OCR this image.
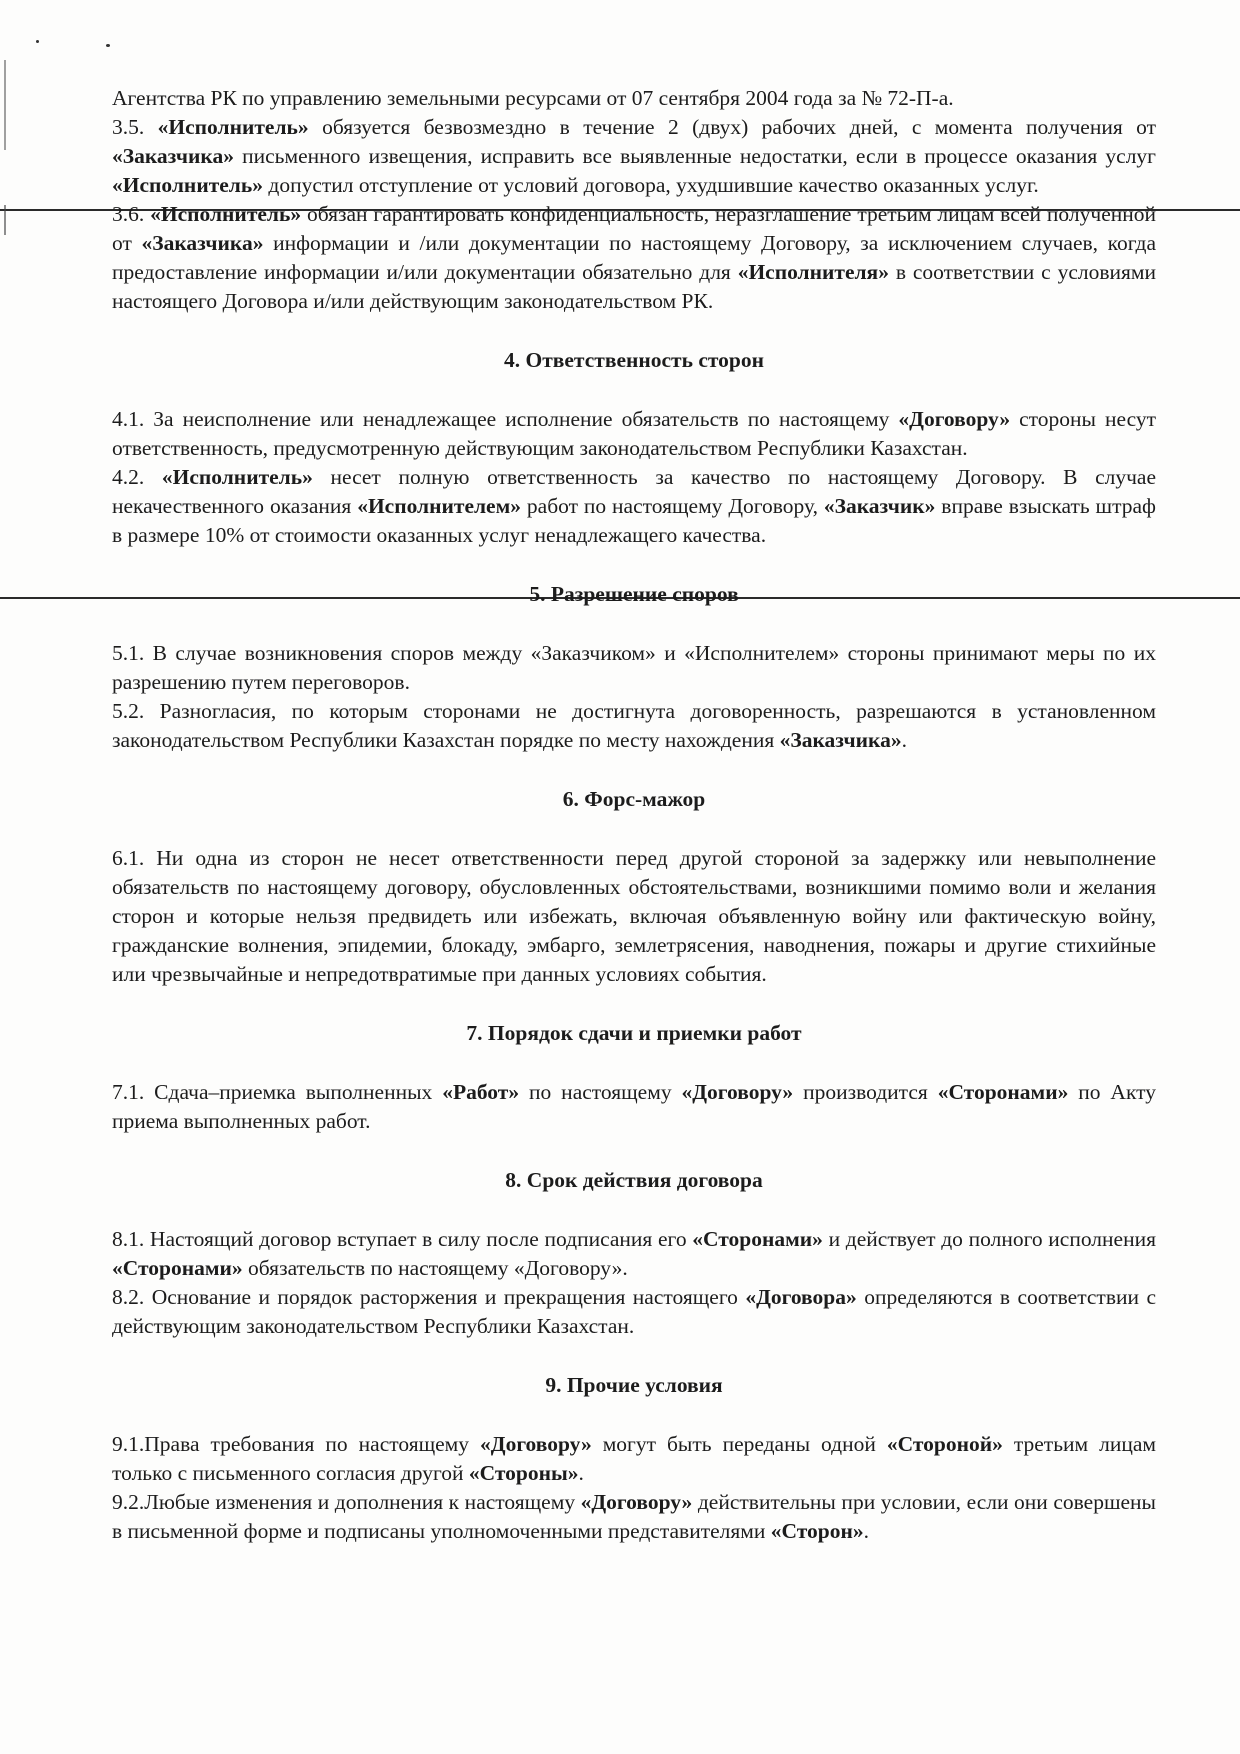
Агентства РК по управлению земельными ресурсами от 07 сентября 2004 года за № 72-П-а.

3.5. «Исполнитель» обязуется безвозмездно в течение 2 (двух) рабочих дней, с момента получения от «Заказчика» письменного извещения, исправить все выявленные недостатки, если в процессе оказания услуг «Исполнитель» допустил отступление от условий договора, ухудшившие качество оказанных услуг.

3.6. «Исполнитель» обязан гарантировать конфиденциальность, неразглашение третьим лицам всей полученной от «Заказчика» информации и /или документации по настоящему Договору, за исключением случаев, когда предоставление информации и/или документации обязательно для «Исполнителя» в соответствии с условиями настоящего Договора и/или действующим законодательством РК.

4. Ответственность сторон

4.1. За неисполнение или ненадлежащее исполнение обязательств по настоящему «Договору» стороны несут ответственность, предусмотренную действующим законодательством Республики Казахстан.

4.2. «Исполнитель» несет полную ответственность за качество по настоящему Договору. В случае некачественного оказания «Исполнителем» работ по настоящему Договору, «Заказчик» вправе взыскать штраф в размере 10% от стоимости оказанных услуг ненадлежащего качества.

5. Разрешение споров

5.1. В случае возникновения споров между «Заказчиком» и «Исполнителем» стороны принимают меры по их разрешению путем переговоров.

5.2. Разногласия, по которым сторонами не достигнута договоренность, разрешаются в установленном законодательством Республики Казахстан порядке по месту нахождения «Заказчика».

6. Форс-мажор

6.1. Ни одна из сторон не несет ответственности перед другой стороной за задержку или невыполнение обязательств по настоящему договору, обусловленных обстоятельствами, возникшими помимо воли и желания сторон и которые нельзя предвидеть или избежать, включая объявленную войну или фактическую войну, гражданские волнения, эпидемии, блокаду, эмбарго, землетрясения, наводнения, пожары и другие стихийные или чрезвычайные и непредотвратимые при данных условиях события.

7. Порядок сдачи и приемки работ

7.1. Сдача–приемка выполненных «Работ» по настоящему «Договору» производится «Сторонами» по Акту приема выполненных работ.

8. Срок действия договора

8.1. Настоящий договор вступает в силу после подписания его «Сторонами» и действует до полного исполнения «Сторонами» обязательств по настоящему «Договору».

8.2. Основание и порядок расторжения и прекращения настоящего «Договора» определяются в соответствии с действующим законодательством Республики Казахстан.

9. Прочие условия

9.1.Права требования по настоящему «Договору» могут быть переданы одной «Стороной» третьим лицам только с письменного согласия другой «Стороны».

9.2.Любые изменения и дополнения к настоящему «Договору» действительны при условии, если они совершены в письменной форме и подписаны уполномоченными представителями «Сторон».
